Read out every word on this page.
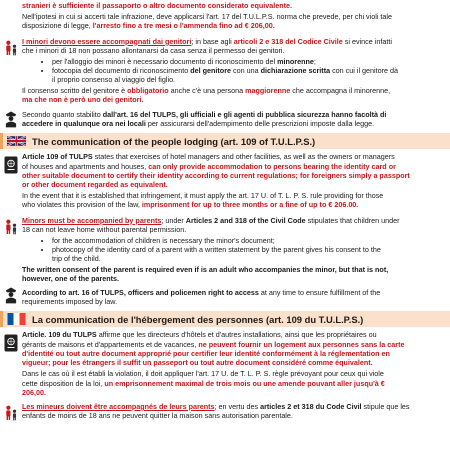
stranieri è sufficiente il passaporto o altro documento considerato equivalente.

Nell'ipotesi in cui si accerti tale infrazione, deve applicarsi l'art. 17 del T.U.L.P.S. norma che prevede, per chi violi tale
disposizione di legge, l'arresto fino a tre mesi o l'ammenda fino ad € 206,00.

I minori devono essere accompagnati dai genitori; in base agli articoli 2 e 318 del Codice Civile si evince infatti
che i minori di 18 non possano allontanarsi da casa senza il permesso dei genitori.

• per l'alloggio dei minori è necessario documento di riconoscimento del minorenne;
• fotocopia del documento di riconoscimento del genitore con una dichiarazione scritta con cui il genitore dà
il proprio consenso al viaggio del figlio.

Il consenso scritto del genitore è obbligatorio anche c'è una persona maggiorenne che accompagna il minorenne,
ma che non è però uno dei genitori.

Secondo quanto stabilito dall'art. 16 del TULPS, gli ufficiali e gli agenti di pubblica sicurezza hanno facoltà di
accedere in qualunque ora nei locali per assicurarsi dell'adempimento delle prescrizioni imposte dalla legge.

The communication of the people lodging (art. 109 of T.U.L.P.S.)

Article 109 of TULPS states that exercises of hotel managers and other facilities, as well as the owners or managers
of houses and apartments and houses, can only provide accommodation to persons bearing the identity card or
other suitable document to certify their identity according to current regulations; for foreigners simply a passport
or other document regarded as equivalent.

In the event that it is established that infringement, it must apply the art. 17 U. of T. L. P. S. rule providing for those
who violates this provision of the law, imprisonment for up to three months or a fine of up to € 206.00.

Minors must be accompanied by parents; under Articles 2 and 318 of the Civil Code stipulates that children under
18 can not leave home without parental permission.

• for the accommodation of children is necessary the minor's document;
• photocopy of the identity card of a parent with a written statement by the parent gives his consent to the
trip of the child.

The written consent of the parent is required even if is an adult who accompanies the minor, but that is not,
however, one of the parents.

According to art. 16 of TULPS, officers and policemen right to access at any time to ensure fulfillment of the
requirements imposed by law.

La communication de l'hébergement des personnes (art. 109 du T.U.L.P.S.)

Article. 109 du TULPS affirme que les directeurs d'hôtels et d'autres installations, ainsi que les propriétaires ou
gérants de maisons et d'appartements et de vacances, ne peuvent fournir un logement aux personnes sans la carte
d'identité ou tout autre document approprié pour certifier leur identité conformément à la réglementation en
vigueur; pour les étrangers il suffit un passeport ou tout autre document considéré comme équivalent.

Dans le cas où il est établi la violation, il doit appliquer l'art. 17 U. de T. L. P. S. règle prévoyant pour ceux qui viole
cette disposition de la loi, un emprisonnement maximal de trois mois ou une amende pouvant aller jusqu'à €
206,00.

Les mineurs doivent être accompagnés de leurs parents; en vertu des articles 2 et 318 du Code Civil stipule que les
enfants de moins de 18 ans ne peuvent quitter la maison sans autorisation parentale.
